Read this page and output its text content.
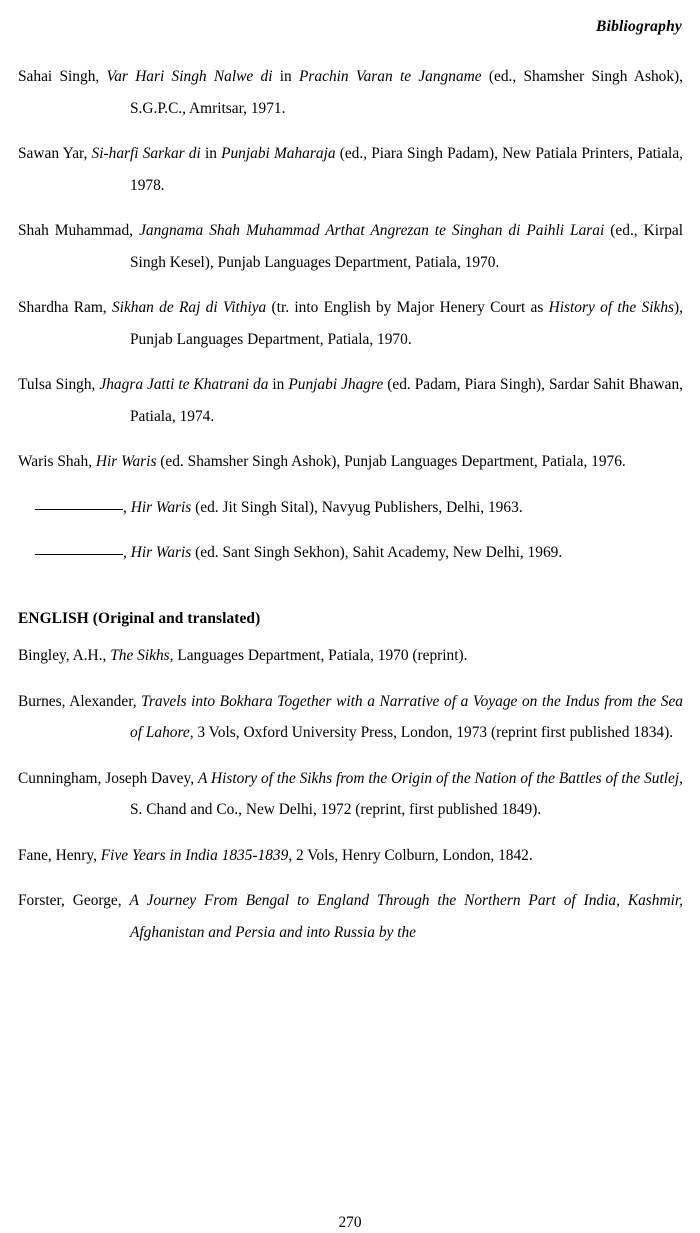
Bibliography

Sahai Singh, Var Hari Singh Nalwe di in Prachin Varan te Jangname (ed., Shamsher Singh Ashok), S.G.P.C., Amritsar, 1971.

Sawan Yar, Si-harfi Sarkar di in Punjabi Maharaja (ed., Piara Singh Padam), New Patiala Printers, Patiala, 1978.

Shah Muhammad, Jangnama Shah Muhammad Arthat Angrezan te Singhan di Paihli Larai (ed., Kirpal Singh Kesel), Punjab Languages Department, Patiala, 1970.

Shardha Ram, Sikhan de Raj di Vithiya (tr. into English by Major Henery Court as History of the Sikhs), Punjab Languages Department, Patiala, 1970.

Tulsa Singh, Jhagra Jatti te Khatrani da in Punjabi Jhagre (ed. Padam, Piara Singh), Sardar Sahit Bhawan, Patiala, 1974.

Waris Shah, Hir Waris (ed. Shamsher Singh Ashok), Punjab Languages Department, Patiala, 1976.

, Hir Waris (ed. Jit Singh Sital), Navyug Publishers, Delhi, 1963.

, Hir Waris (ed. Sant Singh Sekhon), Sahit Academy, New Delhi, 1969.

ENGLISH (Original and translated)

Bingley, A.H., The Sikhs, Languages Department, Patiala, 1970 (reprint).

Burnes, Alexander, Travels into Bokhara Together with a Narrative of a Voyage on the Indus from the Sea of Lahore, 3 Vols, Oxford University Press, London, 1973 (reprint first published 1834).

Cunningham, Joseph Davey, A History of the Sikhs from the Origin of the Nation of the Battles of the Sutlej, S. Chand and Co., New Delhi, 1972 (reprint, first published 1849).

Fane, Henry, Five Years in India 1835-1839, 2 Vols, Henry Colburn, London, 1842.

Forster, George, A Journey From Bengal to England Through the Northern Part of India, Kashmir, Afghanistan and Persia and into Russia by the

270
